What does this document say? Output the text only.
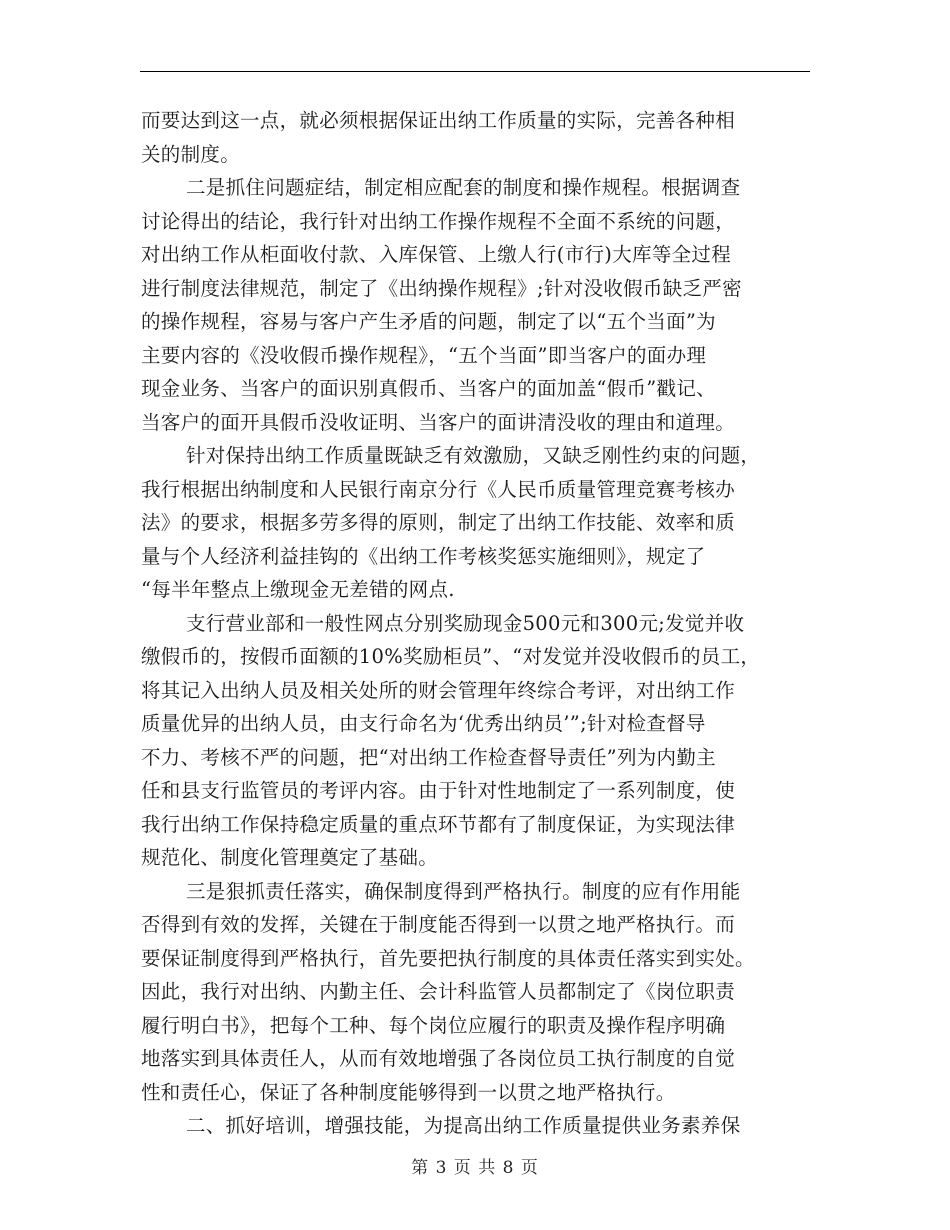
而要达到这一点，就必须根据保证出纳工作质量的实际，完善各种相
关的制度。
二是抓住问题症结，制定相应配套的制度和操作规程。根据调查
讨论得出的结论，我行针对出纳工作操作规程不全面不系统的问题，
对出纳工作从柜面收付款、入库保管、上缴人行(市行)大库等全过程
进行制度法律规范，制定了《出纳操作规程》;针对没收假币缺乏严密
的操作规程，容易与客户产生矛盾的问题，制定了以“五个当面”为
主要内容的《没收假币操作规程》，“五个当面”即当客户的面办理
现金业务、当客户的面识别真假币、当客户的面加盖“假币”戳记、
当客户的面开具假币没收证明、当客户的面讲清没收的理由和道理。
针对保持出纳工作质量既缺乏有效激励，又缺乏刚性约束的问题，
我行根据出纳制度和人民银行南京分行《人民币质量管理竞赛考核办
法》的要求，根据多劳多得的原则，制定了出纳工作技能、效率和质
量与个人经济利益挂钩的《出纳工作考核奖惩实施细则》，规定了
“每半年整点上缴现金无差错的网点.
支行营业部和一般性网点分别奖励现金500元和300元;发觉并收
缴假币的，按假币面额的10%奖励柜员”、“对发觉并没收假币的员工，
将其记入出纳人员及相关处所的财会管理年终综合考评，对出纳工作
质量优异的出纳人员，由支行命名为‘优秀出纳员’”;针对检查督导
不力、考核不严的问题，把“对出纳工作检查督导责任”列为内勤主
任和县支行监管员的考评内容。由于针对性地制定了一系列制度，使
我行出纳工作保持稳定质量的重点环节都有了制度保证，为实现法律
规范化、制度化管理奠定了基础。
三是狠抓责任落实，确保制度得到严格执行。制度的应有作用能
否得到有效的发挥，关键在于制度能否得到一以贯之地严格执行。而
要保证制度得到严格执行，首先要把执行制度的具体责任落实到实处。
因此，我行对出纳、内勤主任、会计科监管人员都制定了《岗位职责
履行明白书》，把每个工种、每个岗位应履行的职责及操作程序明确
地落实到具体责任人，从而有效地增强了各岗位员工执行制度的自觉
性和责任心，保证了各种制度能够得到一以贯之地严格执行。
二、抓好培训，增强技能，为提高出纳工作质量提供业务素养保
第 3 页 共 8 页
